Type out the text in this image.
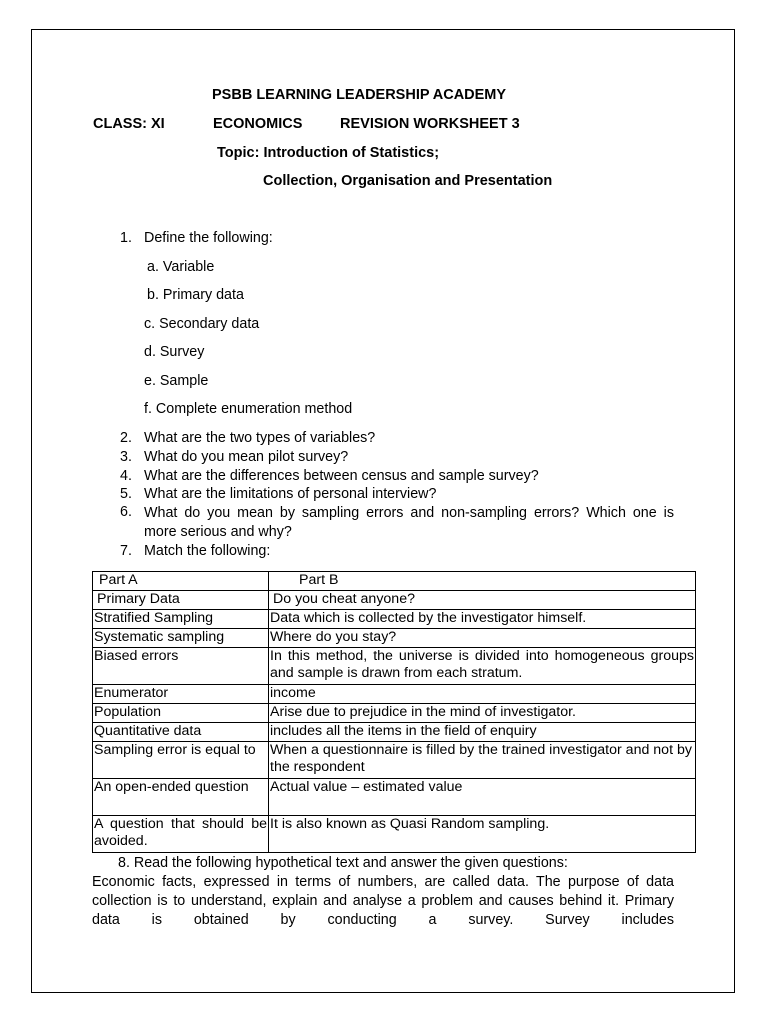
PSBB LEARNING LEADERSHIP ACADEMY
CLASS: XI	ECONOMICS	REVISION WORKSHEET 3
Topic: Introduction of Statistics;
Collection, Organisation and Presentation
1. Define the following:
a. Variable
b. Primary data
c. Secondary data
d. Survey
e. Sample
f. Complete enumeration method
2. What are the two types of variables?
3. What do you mean pilot survey?
4. What are the differences between census and sample survey?
5. What are the limitations of personal interview?
6. What do you mean by sampling errors and non-sampling errors? Which one is more serious and why?
7. Match the following:
Part A	Part B
Primary Data	Do you cheat anyone?
Stratified Sampling	Data which is collected by the investigator himself.
Systematic sampling	Where do you stay?
Biased errors	In this method, the universe is divided into homogeneous groups and sample is drawn from each stratum.
Enumerator	income
Population	Arise due to prejudice in the mind of investigator.
Quantitative data	includes all the items in the field of enquiry
Sampling error is equal to	When a questionnaire is filled by the trained investigator and not by the respondent
An open-ended question	Actual value – estimated value
A question that should be avoided.	It is also known as Quasi Random sampling.
8. Read the following hypothetical text and answer the given questions:
Economic facts, expressed in terms of numbers, are called data. The purpose of data collection is to understand, explain and analyse a problem and causes behind it. Primary data is obtained by conducting a survey. Survey includes
